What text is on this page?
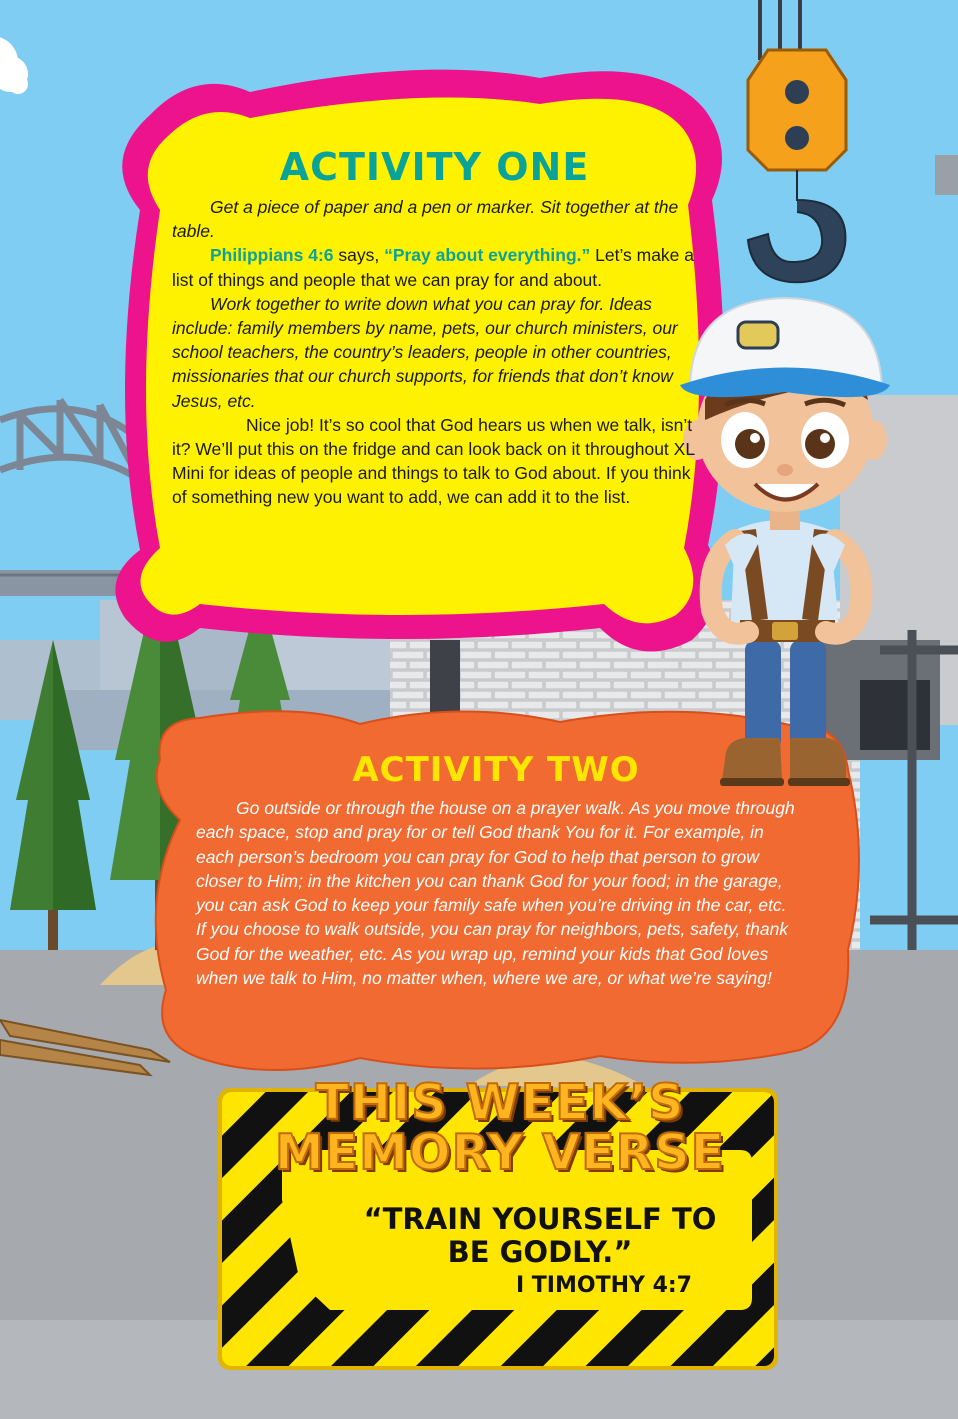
ACTIVITY ONE

Get a piece of paper and a pen or marker. Sit together at the table.

Philippians 4:6 says, “Pray about everything.” Let’s make a list of things and people that we can pray for and about.

Work together to write down what you can pray for. Ideas include: family members by name, pets, our church ministers, our school teachers, the country’s leaders, people in other countries, missionaries that our church supports, for friends that don’t know Jesus, etc.

Nice job! It’s so cool that God hears us when we talk, isn’t it? We’ll put this on the fridge and can look back on it throughout XL Mini for ideas of people and things to talk to God about. If you think of something new you want to add, we can add it to the list.

ACTIVITY TWO

Go outside or through the house on a prayer walk. As you move through each space, stop and pray for or tell God thank You for it. For example, in each person’s bedroom you can pray for God to help that person to grow closer to Him; in the kitchen you can thank God for your food; in the garage, you can ask God to keep your family safe when you’re driving in the car, etc. If you choose to walk outside, you can pray for neighbors, pets, safety, thank God for the weather, etc. As you wrap up, remind your kids that God loves when we talk to Him, no matter when, where we are, or what we’re saying!

THIS WEEK’S
MEMORY VERSE
“TRAIN YOURSELF TO
BE GODLY.”
I TIMOTHY 4:7
